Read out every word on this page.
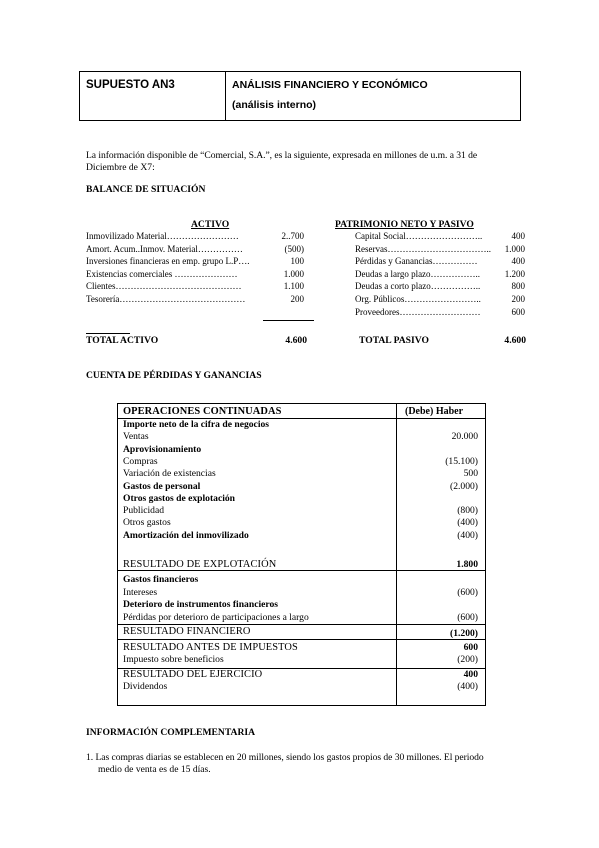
SUPUESTO AN3	ANÁLISIS FINANCIERO Y ECONÓMICO
(análisis interno)
La información disponible de “Comercial, S.A.”, es la siguiente, expresada en millones de u.m. a 31 de
Diciembre de X7:
BALANCE DE SITUACIÓN
ACTIVO	PATRIMONIO NETO Y PASIVO
Inmovilizado Material……………………	2..700
Amort. Acum..Inmov. Material……………	(500)
Inversiones financieras en emp. grupo L.P….	100
Existencias comerciales …………………	1.000
Clientes……………………………………	1.100
Tesorería……………………………………	200
Capital Social……………………..	400
Reservas……………………………..	1.000
Pérdidas y Ganancias……………	400
Deudas a largo plazo……………..	1.200
Deudas a corto plazo……………..	800
Org. Públicos……………………..	200
Proveedores………………………	600
TOTAL ACTIVO	4.600	TOTAL PASIVO	4.600
CUENTA DE PÉRDIDAS Y GANANCIAS
OPERACIONES CONTINUADAS	(Debe) Haber
Importe neto de la cifra de negocios
Ventas	20.000
Aprovisionamiento
Compras	(15.100)
Variación de existencias	500
Gastos de personal	(2.000)
Otros gastos de explotación
Publicidad	(800)
Otros gastos	(400)
Amortización del inmovilizado	(400)
RESULTADO DE EXPLOTACIÓN	1.800
Gastos financieros
Intereses	(600)
Deterioro de instrumentos financieros
Pérdidas por deterioro de participaciones a largo	(600)
RESULTADO FINANCIERO	(1.200)
RESULTADO ANTES DE IMPUESTOS	600
Impuesto sobre beneficios	(200)
RESULTADO DEL EJERCICIO	400
Dividendos	(400)
INFORMACIÓN COMPLEMENTARIA
1. Las compras diarias se establecen en 20 millones, siendo los gastos propios de 30 millones. El periodo
medio de venta es de 15 días.
